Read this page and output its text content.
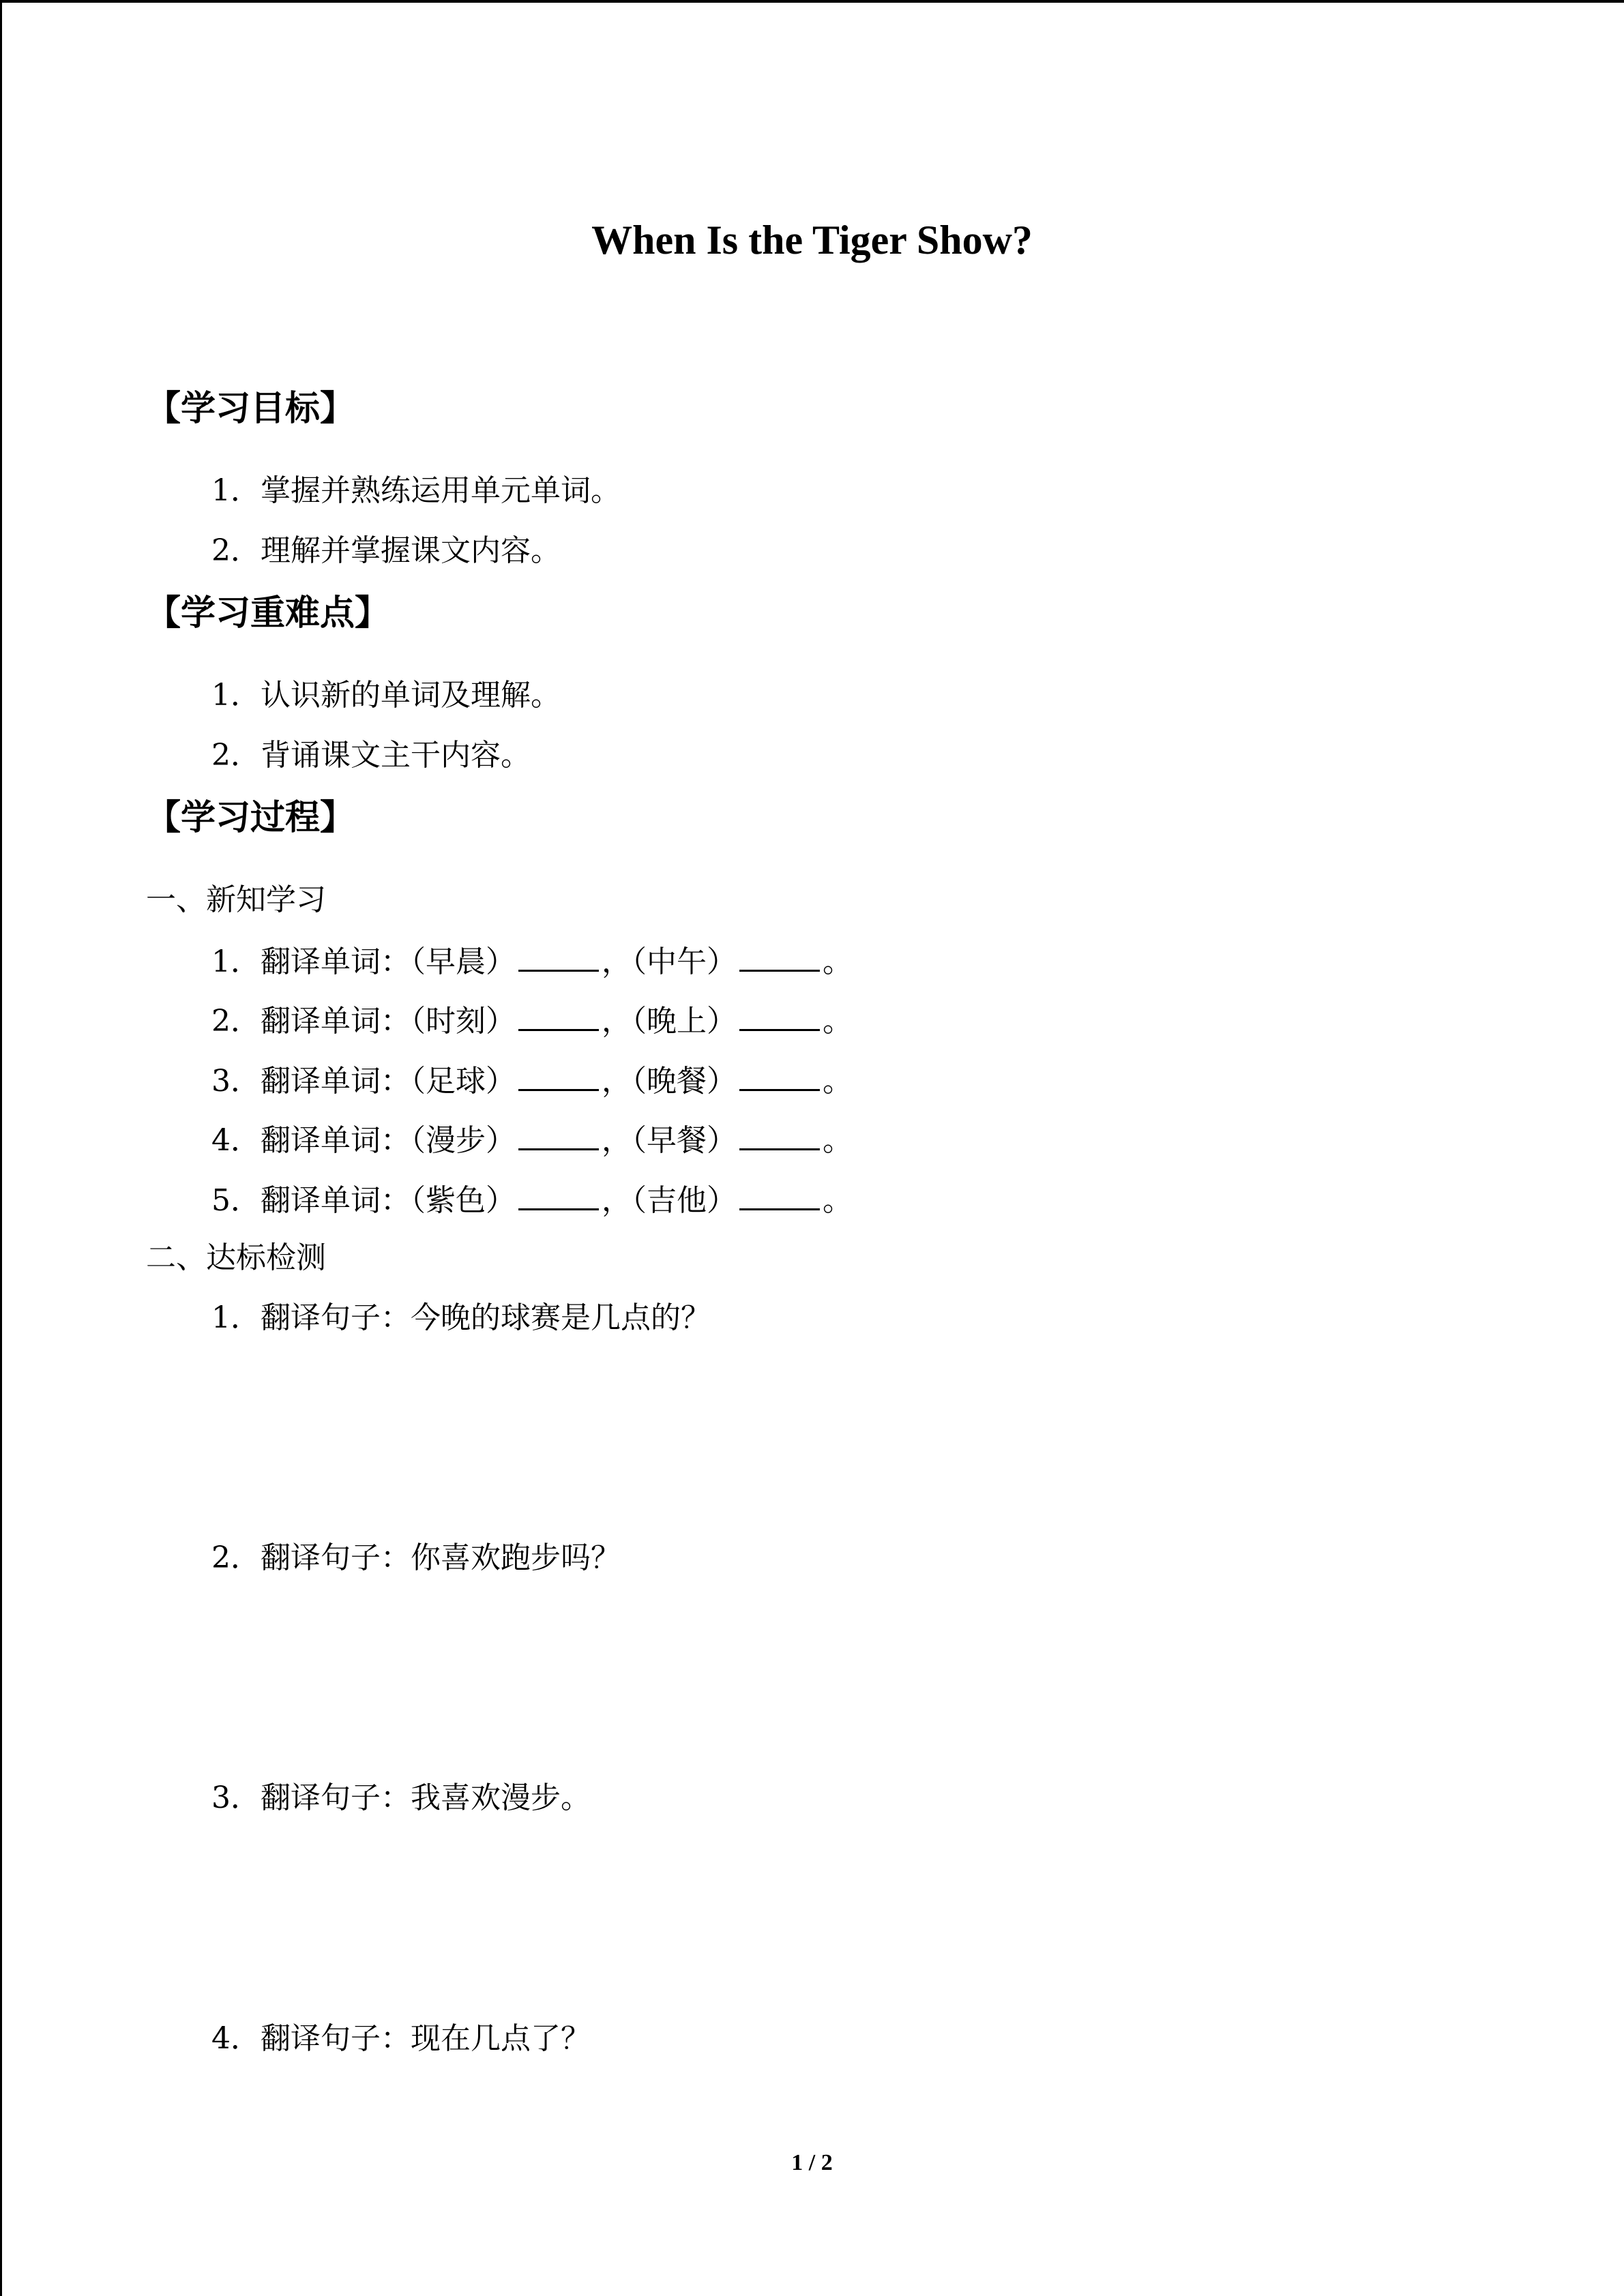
When Is the Tiger Show?
【学习目标】
1．掌握并熟练运用单元单词。
2．理解并掌握课文内容。
【学习重难点】
1．认识新的单词及理解。
2．背诵课文主干内容。
【学习过程】
一、新知学习
1．翻译单词：（早晨）	，（中午）	。
2．翻译单词：（时刻）	，（晚上）	。
3．翻译单词：（足球）	，（晚餐）	。
4．翻译单词：（漫步）	，（早餐）	。
5．翻译单词：（紫色）	，（吉他）	。
二、达标检测
1．翻译句子：今晚的球赛是几点的？
2．翻译句子：你喜欢跑步吗？
3．翻译句子：我喜欢漫步。
4．翻译句子：现在几点了？
1 / 2
